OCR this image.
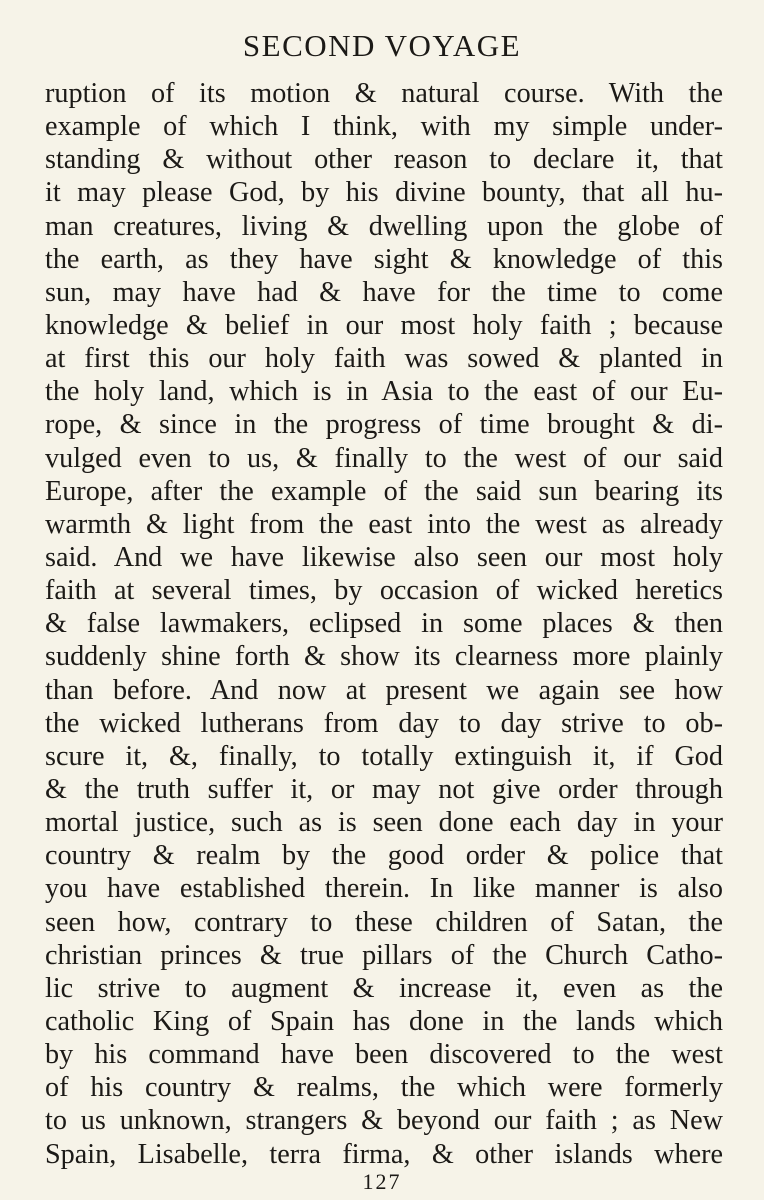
SECOND VOYAGE
ruption of its motion & natural course. With the
example of which I think, with my simple under-
standing & without other reason to declare it, that
it may please God, by his divine bounty, that all hu-
man creatures, living & dwelling upon the globe of
the earth, as they have sight & knowledge of this
sun, may have had & have for the time to come
knowledge & belief in our most holy faith ; because
at first this our holy faith was sowed & planted in
the holy land, which is in Asia to the east of our Eu-
rope, & since in the progress of time brought & di-
vulged even to us, & finally to the west of our said
Europe, after the example of the said sun bearing its
warmth & light from the east into the west as already
said. And we have likewise also seen our most holy
faith at several times, by occasion of wicked heretics
& false lawmakers, eclipsed in some places & then
suddenly shine forth & show its clearness more plainly
than before. And now at present we again see how
the wicked lutherans from day to day strive to ob-
scure it, &, finally, to totally extinguish it, if God
& the truth suffer it, or may not give order through
mortal justice, such as is seen done each day in your
country & realm by the good order & police that
you have established therein. In like manner is also
seen how, contrary to these children of Satan, the
christian princes & true pillars of the Church Catho-
lic strive to augment & increase it, even as the
catholic King of Spain has done in the lands which
by his command have been discovered to the west
of his country & realms, the which were formerly
to us unknown, strangers & beyond our faith ; as New
Spain, Lisabelle, terra firma, & other islands where
127
